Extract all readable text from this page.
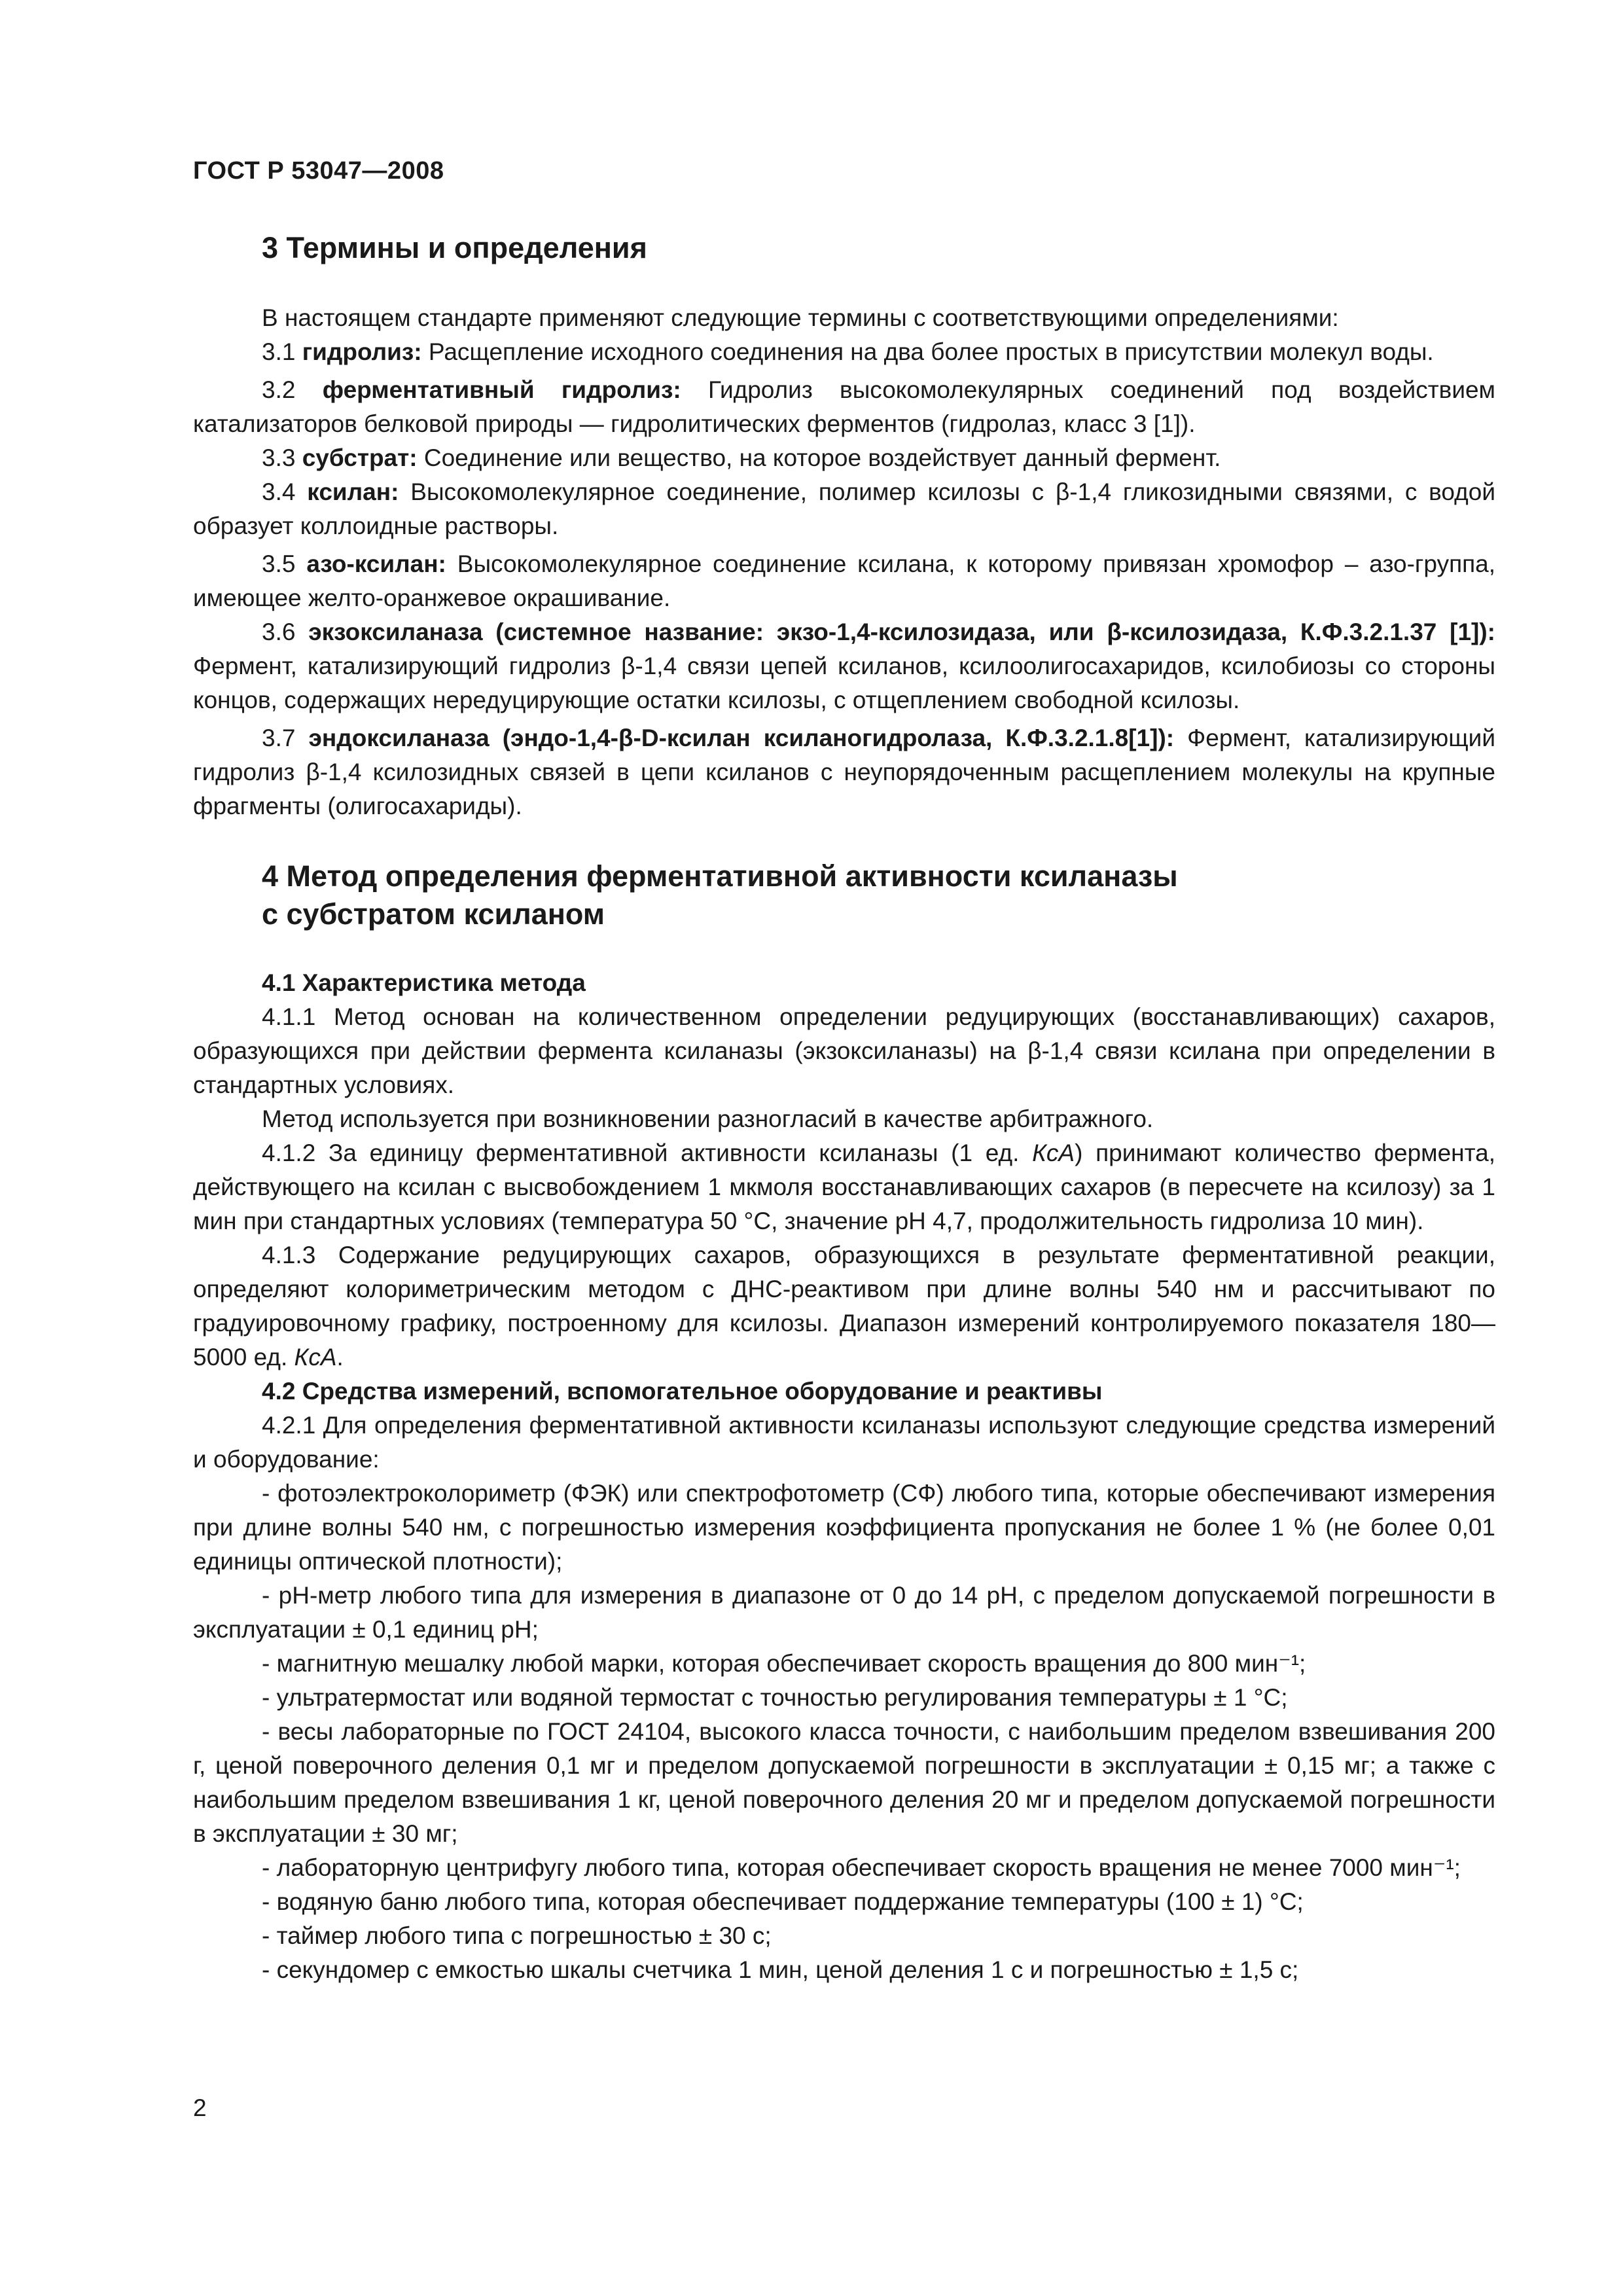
ГОСТ Р 53047—2008
3 Термины и определения

В настоящем стандарте применяют следующие термины с соответствующими определениями:

3.1 гидролиз: Расщепление исходного соединения на два более простых в присутствии молекул воды.

3.2 ферментативный гидролиз: Гидролиз высокомолекулярных соединений под воздействием катализаторов белковой природы — гидролитических ферментов (гидролаз, класс 3 [1]).

3.3 субстрат: Соединение или вещество, на которое воздействует данный фермент.

3.4 ксилан: Высокомолекулярное соединение, полимер ксилозы с β-1,4 гликозидными связями, с водой образует коллоидные растворы.

3.5 азо-ксилан: Высокомолекулярное соединение ксилана, к которому привязан хромофор – азо-группа, имеющее желто-оранжевое окрашивание.

3.6 экзоксиланаза (системное название: экзо-1,4-ксилозидаза, или β-ксилозидаза, К.Ф.3.2.1.37 [1]): Фермент, катализирующий гидролиз β-1,4 связи цепей ксиланов, ксилоолигосахаридов, ксилобиозы со стороны концов, содержащих нередуцирующие остатки ксилозы, с отщеплением свободной ксилозы.

3.7 эндоксиланаза (эндо-1,4-β-D-ксилан ксиланогидролаза, К.Ф.3.2.1.8[1]): Фермент, катализирующий гидролиз β-1,4 ксилозидных связей в цепи ксиланов с неупорядоченным расщеплением молекулы на крупные фрагменты (олигосахариды).

4 Метод определения ферментативной активности ксиланазы
с субстратом ксиланом
4.1 Характеристика метода

4.1.1 Метод основан на количественном определении редуцирующих (восстанавливающих) сахаров, образующихся при действии фермента ксиланазы (экзоксиланазы) на β-1,4 связи ксилана при определении в стандартных условиях.

Метод используется при возникновении разногласий в качестве арбитражного.

4.1.2 За единицу ферментативной активности ксиланазы (1 ед. КсА) принимают количество фермента, действующего на ксилан с высвобождением 1 мкмоля восстанавливающих сахаров (в пересчете на ксилозу) за 1 мин при стандартных условиях (температура 50 °С, значение рН 4,7, продолжительность гидролиза 10 мин).

4.1.3 Содержание редуцирующих сахаров, образующихся в результате ферментативной реакции, определяют колориметрическим методом с ДНС-реактивом при длине волны 540 нм и рассчитывают по градуировочному графику, построенному для ксилозы. Диапазон измерений контролируемого показателя 180—5000 ед. КсА.

4.2 Средства измерений, вспомогательное оборудование и реактивы

4.2.1 Для определения ферментативной активности ксиланазы используют следующие средства измерений и оборудование:

- фотоэлектроколориметр (ФЭК) или спектрофотометр (СФ) любого типа, которые обеспечивают измерения при длине волны 540 нм, с погрешностью измерения коэффициента пропускания не более 1 % (не более 0,01 единицы оптической плотности);

- рН-метр любого типа для измерения в диапазоне от 0 до 14 рН, с пределом допускаемой погрешности в эксплуатации ± 0,1 единиц рН;

- магнитную мешалку любой марки, которая обеспечивает скорость вращения до 800 мин⁻¹;

- ультратермостат или водяной термостат с точностью регулирования температуры ± 1 °С;

- весы лабораторные по ГОСТ 24104, высокого класса точности, с наибольшим пределом взвешивания 200 г, ценой поверочного деления 0,1 мг и пределом допускаемой погрешности в эксплуатации ± 0,15 мг; а также с наибольшим пределом взвешивания 1 кг, ценой поверочного деления 20 мг и пределом допускаемой погрешности в эксплуатации ± 30 мг;

- лабораторную центрифугу любого типа, которая обеспечивает скорость вращения не менее 7000 мин⁻¹;

- водяную баню любого типа, которая обеспечивает поддержание температуры (100 ± 1) °С;

- таймер любого типа с погрешностью ± 30 с;

- секундомер с емкостью шкалы счетчика 1 мин, ценой деления 1 с и погрешностью ± 1,5 с;

2
